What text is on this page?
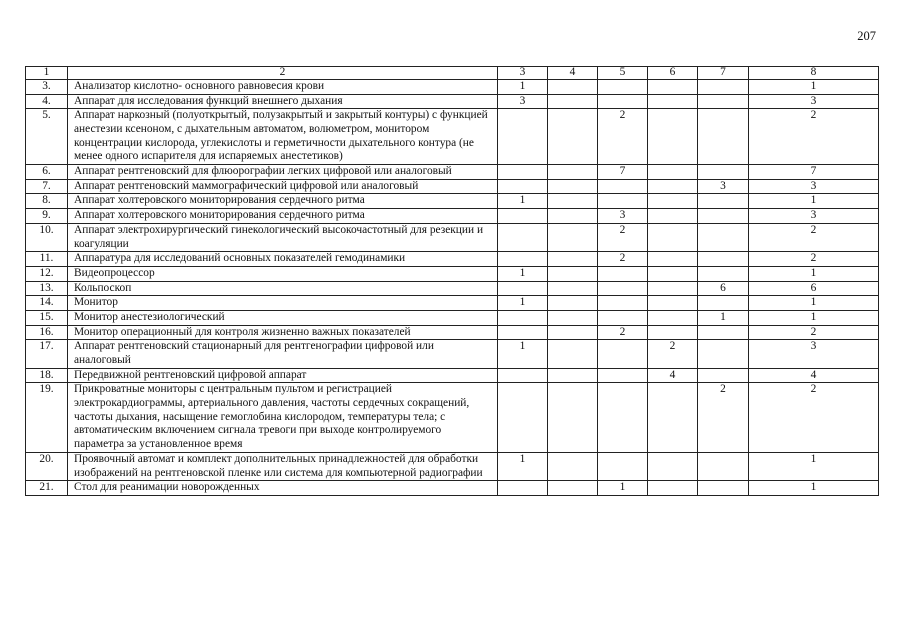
207
1	2	3	4	5	6	7	8
3.	Анализатор кислотно- основного равновесия крови	1					1
4.	Аппарат для исследования функций внешнего дыхания	3					3
5.	Аппарат наркозный (полуоткрытый, полузакрытый и закрытый контуры) с функцией анестезии ксеноном, с дыхательным автоматом, волюметром, монитором концентрации кислорода, углекислоты и герметичности дыхательного контура (не менее одного испарителя для испаряемых анестетиков)			2			2
6.	Аппарат рентгеновский для флюорографии легких цифровой или аналоговый			7			7
7.	Аппарат рентгеновский маммографический цифровой или аналоговый					3	3
8.	Аппарат холтеровского мониторирования сердечного ритма	1					1
9.	Аппарат холтеровского мониторирования сердечного ритма			3			3
10.	Аппарат электрохирургический гинекологический высокочастотный для резекции и коагуляции			2			2
11.	Аппаратура для исследований основных показателей гемодинамики			2			2
12.	Видеопроцессор	1					1
13.	Кольпоскоп					6	6
14.	Монитор	1					1
15.	Монитор анестезиологический					1	1
16.	Монитор операционный для контроля жизненно важных показателей			2			2
17.	Аппарат рентгеновский стационарный для рентгенографии цифровой или аналоговый	1			2		3
18.	Передвижной рентгеновский цифровой аппарат				4		4
19.	Прикроватные мониторы с центральным пультом и регистрацией электрокардиограммы, артериального давления, частоты сердечных сокращений, частоты дыхания, насыщение гемоглобина кислородом, температуры тела; с автоматическим включением сигнала тревоги при выходе контролируемого параметра за установленное время					2	2
20.	Проявочный автомат и комплект дополнительных принадлежностей для обработки изображений на рентгеновской пленке или система для компьютерной радиографии	1					1
21.	Стол для реанимации новорожденных			1			1
